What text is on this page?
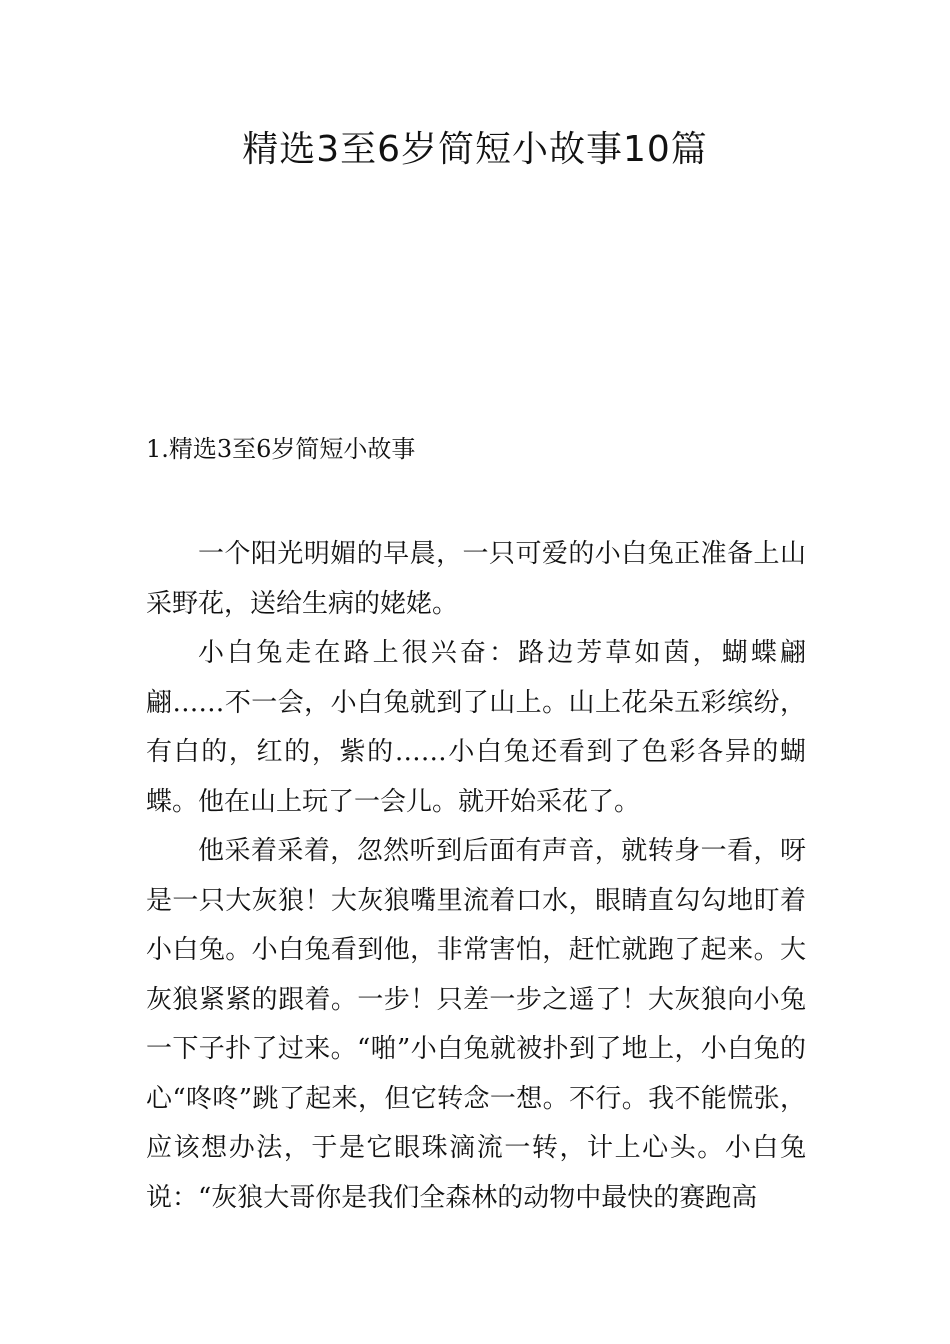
精选3至6岁简短小故事10篇
1.精选3至6岁简短小故事

一个阳光明媚的早晨，一只可爱的小白兔正准备上山采野花，送给生病的姥姥。

小白兔走在路上很兴奋：路边芳草如茵，蝴蝶翩翩……不一会，小白兔就到了山上。山上花朵五彩缤纷，有白的，红的，紫的……小白兔还看到了色彩各异的蝴蝶。他在山上玩了一会儿。就开始采花了。

他采着采着，忽然听到后面有声音，就转身一看，呀是一只大灰狼！大灰狼嘴里流着口水，眼睛直勾勾地盯着小白兔。小白兔看到他，非常害怕，赶忙就跑了起来。大灰狼紧紧的跟着。一步！只差一步之遥了！大灰狼向小兔一下子扑了过来。“啪”小白兔就被扑到了地上，小白兔的心“咚咚”跳了起来，但它转念一想。不行。我不能慌张，应该想办法，于是它眼珠滴流一转，计上心头。小白兔说：“灰狼大哥你是我们全森林的动物中最快的赛跑高
